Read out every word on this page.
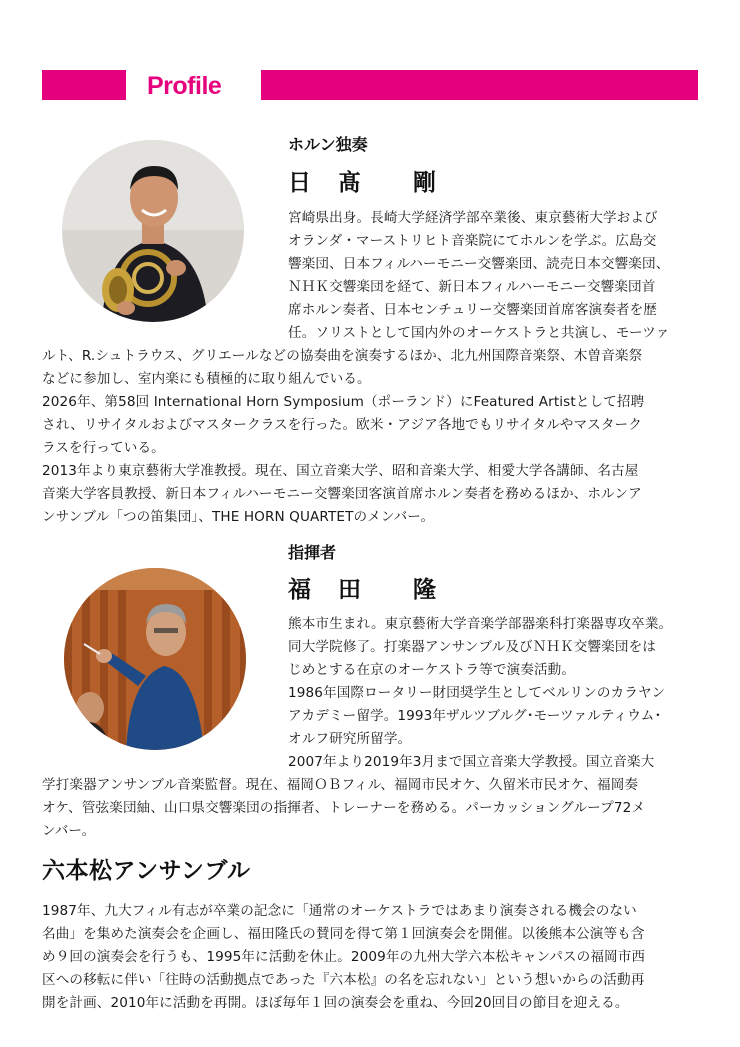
Profile
ホルン独奏
日　髙　　剛

宮崎県出身。長崎大学経済学部卒業後、東京藝術大学および

オランダ・マーストリヒト音楽院にてホルンを学ぶ。広島交

響楽団、日本フィルハーモニー交響楽団、読売日本交響楽団、

ＮＨＫ交響楽団を経て、新日本フィルハーモニー交響楽団首

席ホルン奏者、日本センチュリー交響楽団首席客演奏者を歴

任。ソリストとして国内外のオーケストラと共演し、モーツァ

ルト、R.シュトラウス、グリエールなどの協奏曲を演奏するほか、北九州国際音楽祭、木曽音楽祭

などに参加し、室内楽にも積極的に取り組んでいる。

2026年、第58回 International Horn Symposium（ポーランド）にFeatured Artistとして招聘

され、リサイタルおよびマスタークラスを行った。欧米・アジア各地でもリサイタルやマスターク

ラスを行っている。

2013年より東京藝術大学准教授。現在、国立音楽大学、昭和音楽大学、相愛大学各講師、名古屋

音楽大学客員教授、新日本フィルハーモニー交響楽団客演首席ホルン奏者を務めるほか、ホルンア

ンサンブル「つの笛集団」、THE HORN QUARTETのメンバー。

指揮者
福　田　　隆

熊本市生まれ。東京藝術大学音楽学部器楽科打楽器専攻卒業。

同大学院修了。打楽器アンサンブル及びＮＨＫ交響楽団をは

じめとする在京のオーケストラ等で演奏活動。

1986年国際ロータリー財団奨学生としてベルリンのカラヤン

アカデミー留学。1993年ザルツブルグ･モーツァルティウム･

オルフ研究所留学。

2007年より2019年3月まで国立音楽大学教授。国立音楽大

学打楽器アンサンブル音楽監督。現在、福岡ＯＢフィル、福岡市民オケ、久留米市民オケ、福岡奏

オケ、管弦楽団紬、山口県交響楽団の指揮者、トレーナーを務める。パーカッショングループ72メ

ンバー。

六本松アンサンブル

1987年、九大フィル有志が卒業の記念に「通常のオーケストラではあまり演奏される機会のない

名曲」を集めた演奏会を企画し、福田隆氏の賛同を得て第１回演奏会を開催。以後熊本公演等も含

め９回の演奏会を行うも、1995年に活動を休止。2009年の九州大学六本松キャンパスの福岡市西

区への移転に伴い「往時の活動拠点であった『六本松』の名を忘れない」という想いからの活動再

開を計画、2010年に活動を再開。ほぼ毎年１回の演奏会を重ね、今回20回目の節目を迎える。
